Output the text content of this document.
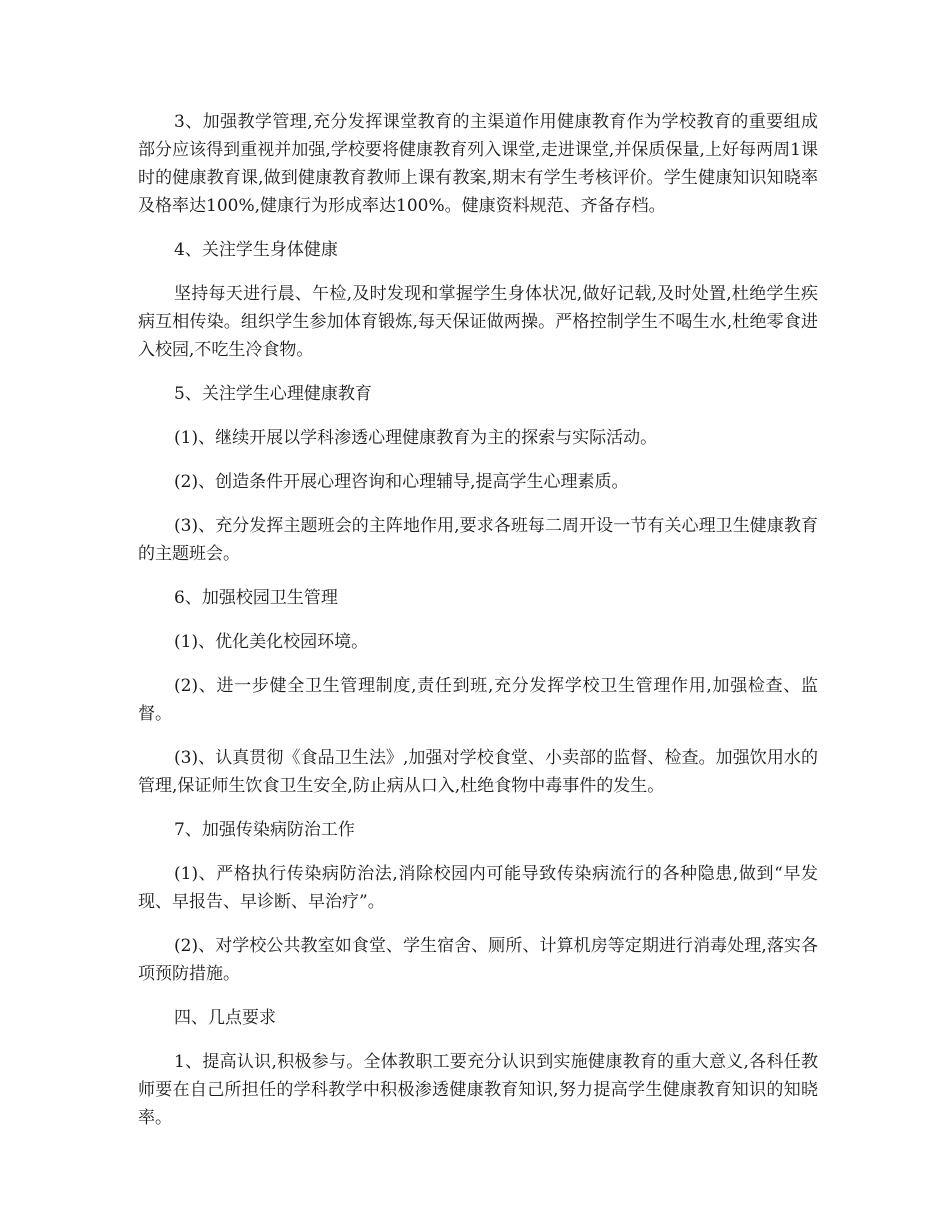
3、加强教学管理,充分发挥课堂教育的主渠道作用健康教育作为学校教育的重要组成部分应该得到重视并加强,学校要将健康教育列入课堂,走进课堂,并保质保量,上好每两周1课时的健康教育课,做到健康教育教师上课有教案,期末有学生考核评价。学生健康知识知晓率及格率达100%,健康行为形成率达100%。健康资料规范、齐备存档。

4、关注学生身体健康

坚持每天进行晨、午检,及时发现和掌握学生身体状况,做好记载,及时处置,杜绝学生疾病互相传染。组织学生参加体育锻炼,每天保证做两操。严格控制学生不喝生水,杜绝零食进入校园,不吃生冷食物。

5、关注学生心理健康教育

(1)、继续开展以学科渗透心理健康教育为主的探索与实际活动。

(2)、创造条件开展心理咨询和心理辅导,提高学生心理素质。

(3)、充分发挥主题班会的主阵地作用,要求各班每二周开设一节有关心理卫生健康教育的主题班会。

6、加强校园卫生管理

(1)、优化美化校园环境。

(2)、进一步健全卫生管理制度,责任到班,充分发挥学校卫生管理作用,加强检查、监督。

(3)、认真贯彻《食品卫生法》,加强对学校食堂、小卖部的监督、检查。加强饮用水的管理,保证师生饮食卫生安全,防止病从口入,杜绝食物中毒事件的发生。

7、加强传染病防治工作

(1)、严格执行传染病防治法,消除校园内可能导致传染病流行的各种隐患,做到“早发现、早报告、早诊断、早治疗”。

(2)、对学校公共教室如食堂、学生宿舍、厕所、计算机房等定期进行消毒处理,落实各项预防措施。

四、几点要求

1、提高认识,积极参与。全体教职工要充分认识到实施健康教育的重大意义,各科任教师要在自己所担任的学科教学中积极渗透健康教育知识,努力提高学生健康教育知识的知晓率。
